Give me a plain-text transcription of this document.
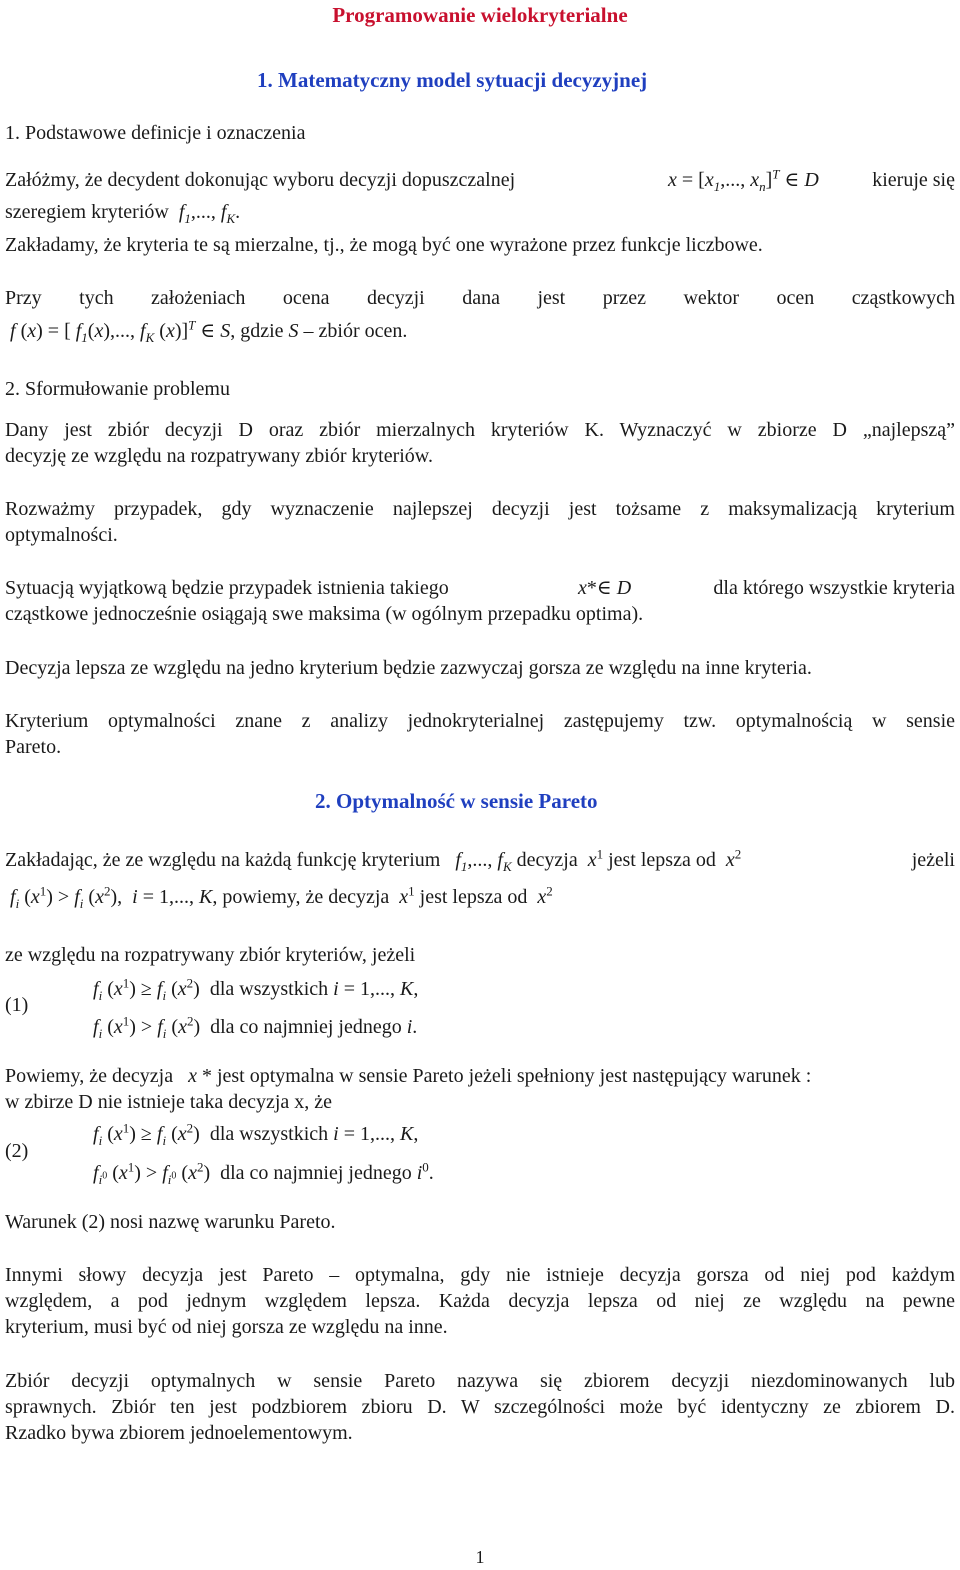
Programowanie wielokryterialne
1. Matematyczny model sytuacji decyzyjnej
1. Podstawowe definicje i oznaczenia
Załóżmy, że decydent dokonując wyboru decyzji dopuszczalnej	$x = [x_1$,..., $x_n]^T$ ∈ D	kieruje się
szeregiem kryteriów  $f_1$,..., $f_K$.
Zakładamy, że kryteria te są mierzalne, tj., że mogą być one wyrażone przez funkcje liczbowe.
Przy tych założeniach ocena decyzji dana jest przez wektor ocen cząstkowych
f (x) = [ $f_1(x)$,..., $f_K$ (x)]$^T$ ∈ S, gdzie S – zbiór ocen.
2. Sformułowanie problemu
Dany jest zbiór decyzji D oraz zbiór mierzalnych kryteriów K. Wyznaczyć w zbiorze D „najlepszą”
decyzję ze względu na rozpatrywany zbiór kryteriów.
Rozważmy przypadek, gdy wyznaczenie najlepszej decyzji jest tożsame z maksymalizacją kryterium
optymalności.
Sytuacją wyjątkową będzie przypadek istnienia takiego	x*∈ D	dla którego wszystkie kryteria
cząstkowe jednocześnie osiągają swe maksima (w ogólnym przepadku optima).
Decyzja lepsza ze względu na jedno kryterium będzie zazwyczaj gorsza ze względu na inne kryteria.
Kryterium optymalności znane z analizy jednokryterialnej zastępujemy tzw. optymalnością w sensie
Pareto.
2. Optymalność w sensie Pareto
Zakładając, że ze względu na każdą funkcję kryterium   $f_1$,..., $f_K$ decyzja  $x^1$ jest lepsza od  $x^2$	jeżeli
$f_i$ $(x^1) > f_i$ $(x^2)$,  i = 1,..., K, powiemy, że decyzja  $x^1$ jest lepsza od  $x^2$
ze względu na rozpatrywany zbiór kryteriów, jeżeli
(1)
$f_i$ $(x^1) \ge f_i$ $(x^2)$ dla wszystkich i = 1,..., K,
$f_i$ $(x^1) > f_i$ $(x^2)$ dla co najmniej jednego i.
Powiemy, że decyzja   x * jest optymalna w sensie Pareto jeżeli spełniony jest następujący warunek :
w zbirze D nie istnieje taka decyzja x, że
(2)
$f_i$ $(x^1) \ge f_i$ $(x^2)$ dla wszystkich i = 1,..., K,
$f_{i^0}$ $(x^1) > f_{i^0}$ $(x^2)$ dla co najmniej jednego $i^0$.
Warunek (2) nosi nazwę warunku Pareto.
Innymi słowy decyzja jest Pareto – optymalna, gdy nie istnieje decyzja gorsza od niej pod każdym
względem, a pod jednym względem lepsza. Każda decyzja lepsza od niej ze względu na pewne
kryterium, musi być od niej gorsza ze względu na inne.
Zbiór decyzji optymalnych w sensie Pareto nazywa się zbiorem decyzji niezdominowanych lub
sprawnych. Zbiór ten jest podzbiorem zbioru D. W szczególności może być identyczny ze zbiorem D.
Rzadko bywa zbiorem jednoelementowym.
1
